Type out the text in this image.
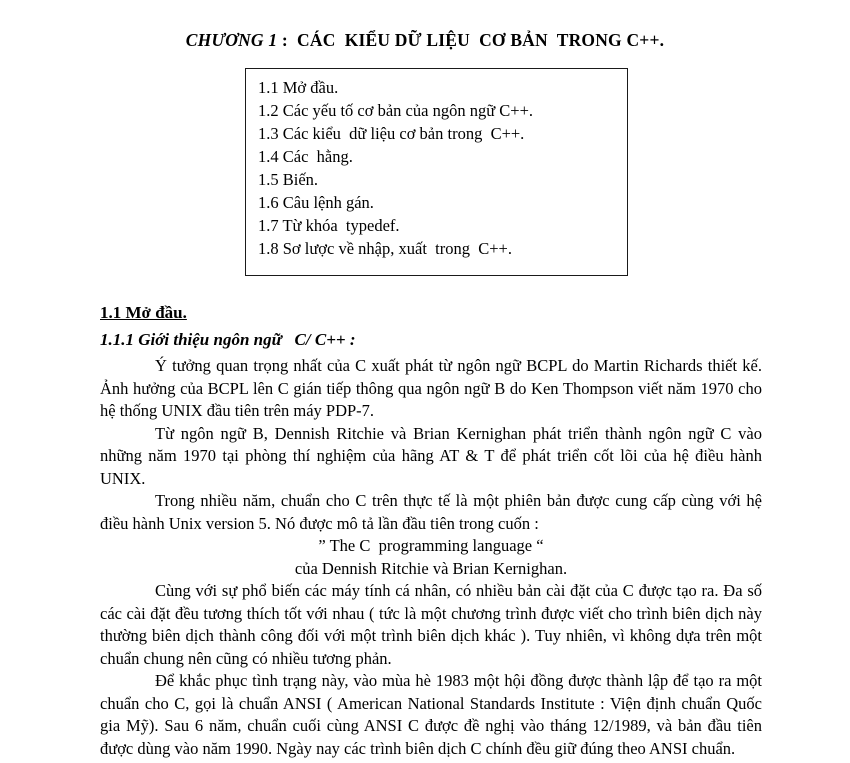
CHƯƠNG 1 :  CÁC  KIỂU DỮ LIỆU  CƠ BẢN  TRONG C++.
1.1 Mở đầu.
1.2 Các yếu tố cơ bản của ngôn ngữ C++.
1.3 Các kiểu  dữ liệu cơ bản trong  C++.
1.4 Các  hằng.
1.5 Biến.
1.6 Câu lệnh gán.
1.7 Từ khóa  typedef.
1.8 Sơ lược về nhập, xuất  trong  C++.
1.1 Mở đầu.
1.1.1 Giới thiệu ngôn ngữ   C/ C++ :

Ý tưởng quan trọng nhất của C xuất phát từ ngôn ngữ BCPL do Martin Richards thiết kế. Ảnh hưởng của BCPL lên C gián tiếp thông qua ngôn ngữ B do Ken Thompson viết năm 1970 cho hệ thống UNIX đầu tiên trên máy PDP-7.

Từ ngôn ngữ B, Dennish Ritchie và Brian Kernighan phát triển thành ngôn ngữ C vào những năm 1970 tại phòng thí nghiệm của hãng AT & T để phát triển cốt lõi của hệ điều hành UNIX.

Trong nhiều năm, chuẩn cho C trên thực tế là một phiên bản được cung cấp cùng với hệ điều hành Unix version 5. Nó được mô tả lần đầu tiên trong cuốn :

” The C  programming language “
của Dennish Ritchie và Brian Kernighan.

Cùng với sự phổ biến các máy tính cá nhân, có nhiều bản cài đặt của C được tạo ra. Đa số các cài đặt đều tương thích tốt với nhau ( tức là một chương trình được viết cho trình biên dịch này thường biên dịch thành công đối với một trình biên dịch khác ). Tuy nhiên, vì không dựa trên một chuẩn chung nên cũng có nhiều tương phản.

Để khắc phục tình trạng này, vào mùa hè 1983 một hội đồng được thành lập để tạo ra một chuẩn cho C, gọi là chuẩn ANSI ( American National Standards Institute : Viện định chuẩn Quốc gia Mỹ). Sau 6 năm, chuẩn cuối cùng ANSI C được đề nghị vào tháng 12/1989, và bản đầu tiên được dùng vào năm 1990. Ngày nay các trình biên dịch C chính đều giữ đúng theo ANSI chuẩn.
